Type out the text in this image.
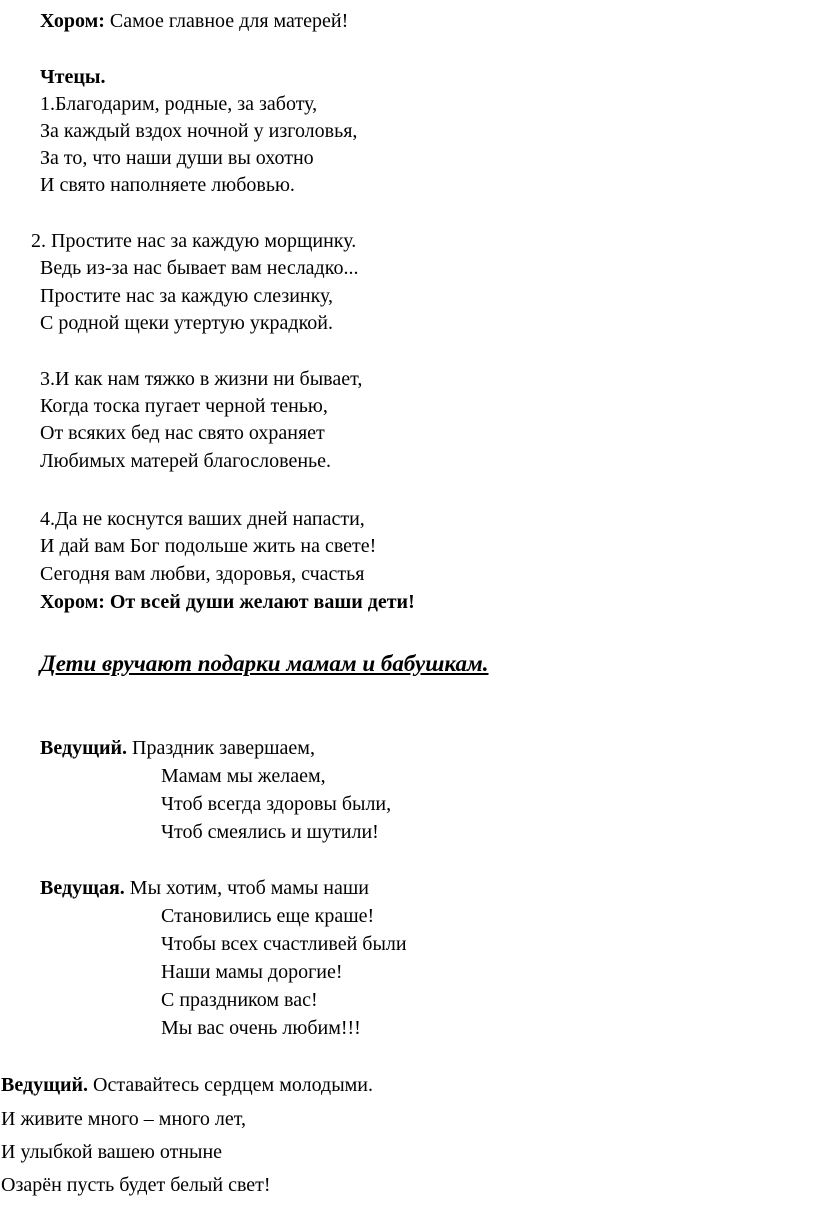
Хором: Самое главное для матерей!
Чтецы.
1.Благодарим, родные, за заботу,
За каждый вздох ночной у изголовья,
За то, что наши души вы охотно
И свято наполняете любовью.
2. Простите нас за каждую морщинку.
Ведь из-за нас бывает вам несладко...
Простите нас за каждую слезинку,
С родной щеки утертую украдкой.
3.И как нам тяжко в жизни ни бывает,
Когда тоска пугает черной тенью,
От всяких бед нас свято охраняет
Любимых матерей благословенье.
4.Да не коснутся ваших дней напасти,
И дай вам Бог подольше жить на свете!
Сегодня вам любви, здоровья, счастья
Хором: От всей души желают ваши дети!
Дети вручают подарки мамам и бабушкам.
Ведущий. Праздник завершаем,
Мамам мы желаем,
Чтоб всегда здоровы были,
Чтоб смеялись и шутили!
Ведущая. Мы хотим, чтоб мамы наши
Становились еще краше!
Чтобы всех счастливей были
Наши мамы дорогие!
С праздником вас!
Мы вас очень любим!!!
Ведущий. Оставайтесь сердцем молодыми.
И живите много – много лет,
И улыбкой вашею отныне
Озарён пусть будет белый свет!
